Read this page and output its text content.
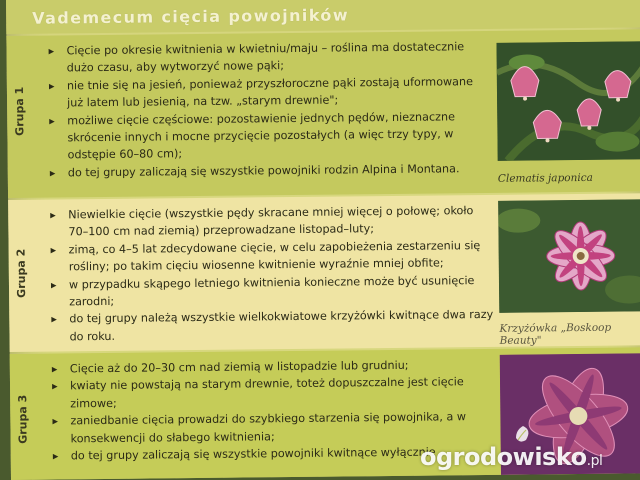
Vademecum cięcia powojników
Grupa 1
▸ Cięcie po okresie kwitnienia w kwietniu/maju – roślina ma dostatecznie dużo czasu, aby wytworzyć nowe pąki;
▸ nie tnie się na jesień, ponieważ przyszłoroczne pąki zostają uformowane już latem lub jesienią, na tzw. „starym drewnie";
▸ możliwe cięcie częściowe: pozostawienie jednych pędów, nieznaczne skrócenie innych i mocne przycięcie pozostałych (a więc trzy typy, w odstępie 60–80 cm);
▸ do tej grupy zaliczają się wszystkie powojniki rodzin Alpina i Montana.	Clematis japonica
Grupa 2
▸ Niewielkie cięcie (wszystkie pędy skracane mniej więcej o połowę; około 70–100 cm nad ziemią) przeprowadzane listopad–luty;
▸ zimą, co 4–5 lat zdecydowane cięcie, w celu zapobieżenia zestarzeniu się rośliny; po takim cięciu wiosenne kwitnienie wyraźnie mniej obfite;
▸ w przypadku skąpego letniego kwitnienia konieczne może być usunięcie zarodni;
▸ do tej grupy należą wszystkie wielkokwiatowe krzyżówki kwitnące dwa razy do roku.
Krzyżówka „Boskoop Beauty"
Grupa 3
▸ Cięcie aż do 20–30 cm nad ziemią w listopadzie lub grudniu;
▸ kwiaty nie powstają na starym drewnie, toteż dopuszczalne jest cięcie zimowe;
▸ zaniedbanie cięcia prowadzi do szybkiego starzenia się powojnika, a w konsekwencji do słabego kwitnienia;
▸ do tej grupy zaliczają się wszystkie powojniki kwitnące wyłącznie
ogrodowisko.pl
